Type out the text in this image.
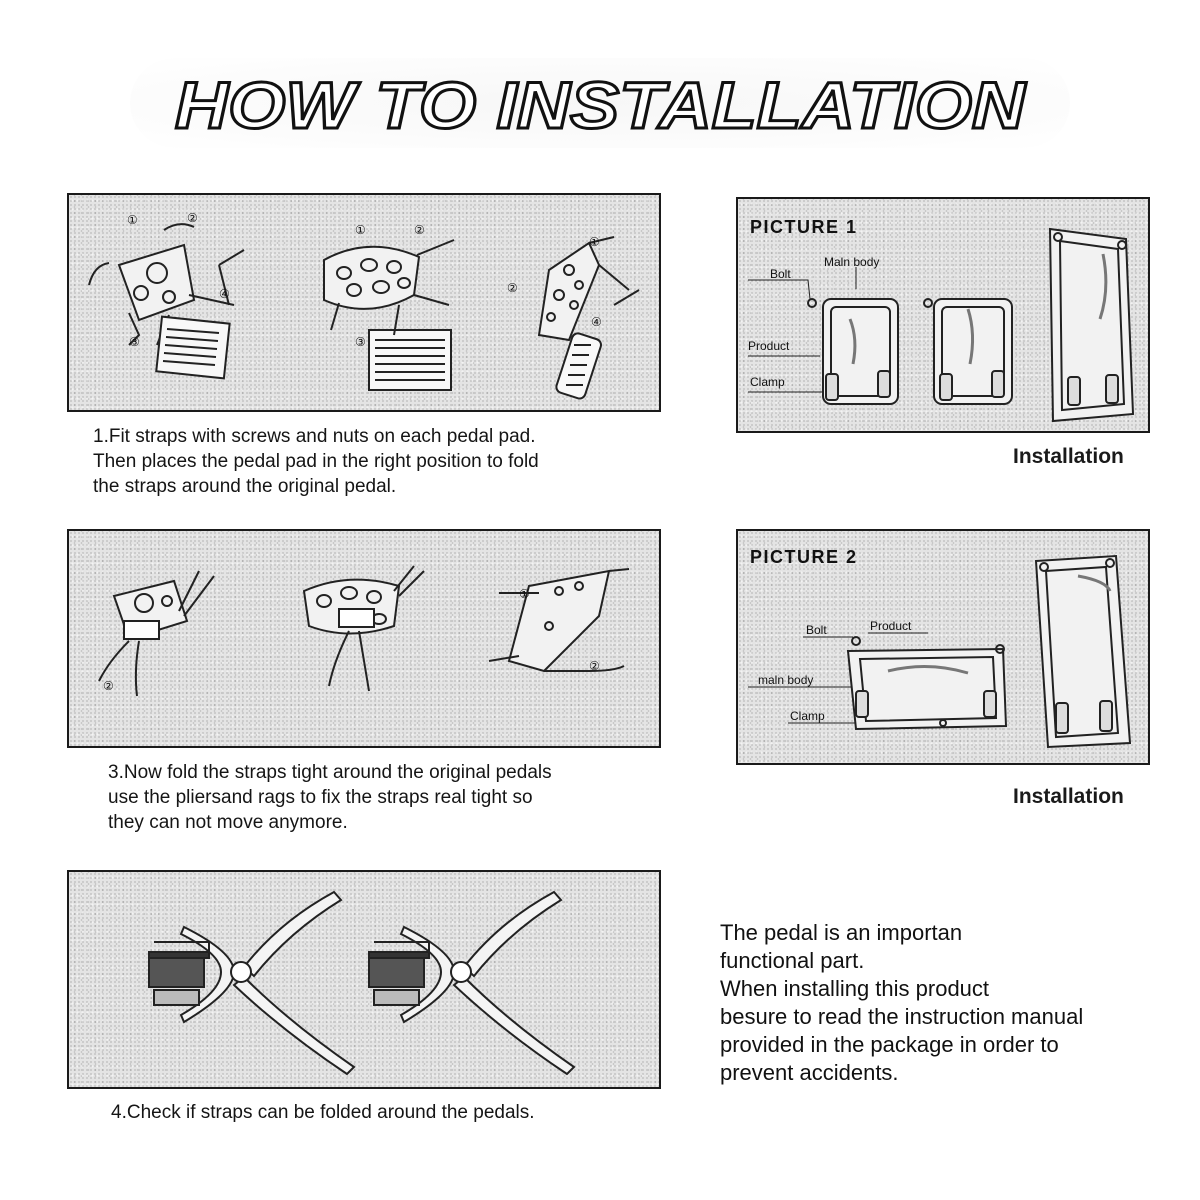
HOW TO INSTALLATION
①	②
③
④
①	②
③
①
②
④
1.Fit straps with screws and nuts on each pedal pad.
Then places the pedal pad in the right position to fold
the straps around the original pedal.
①
②
②
3.Now fold the straps tight around the original pedals
use the pliersand rags to fix the straps real tight so
they can not move anymore.
4.Check if straps can be folded around the pedals.
PICTURE 1
Bolt
Maln body
Product
Clamp
Installation
PICTURE 2
Bolt	Product
maln body
Clamp
Installation
The pedal is an importan
functional part.
When installing this product
besure to read the instruction manual
provided in the package in order to
prevent accidents.
